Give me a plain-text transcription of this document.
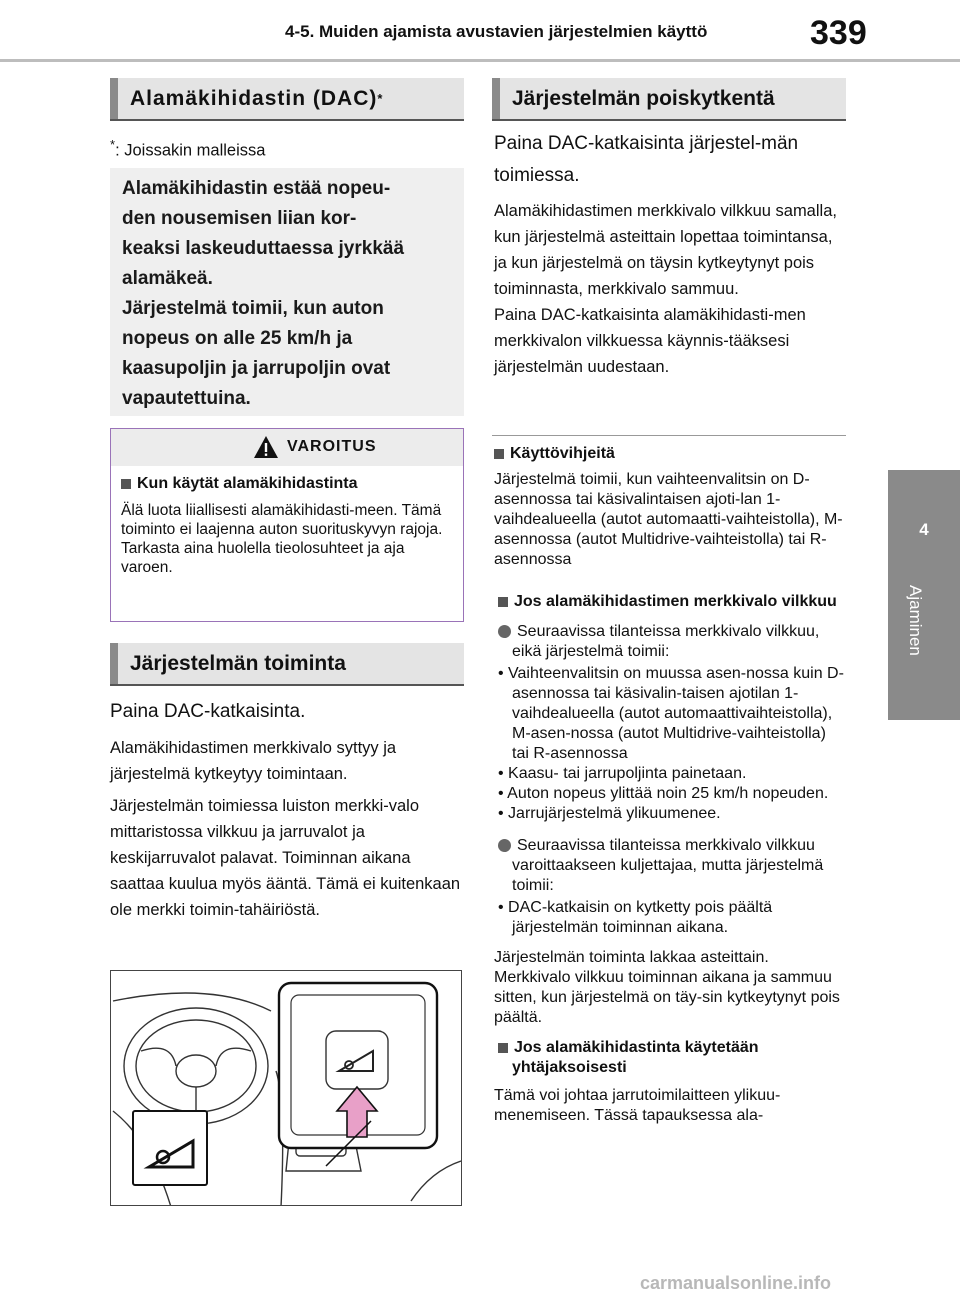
4-5. Muiden ajamista avustavien järjestelmien käyttö	339
4
Ajaminen
Alamäkihidastin (DAC) *
*: Joissakin malleissa

Alamäkihidastin estää nopeu-

den nousemisen liian kor-

keaksi laskeuduttaessa jyrkkää

alamäkeä.

Järjestelmä toimii, kun auton

nopeus on alle 25 km/h ja

kaasupoljin ja jarrupoljin ovat

vapautettuina.

VAROITUS
Kun käytät alamäkihidastinta
Älä luota liiallisesti alamäkihidasti-meen. Tämä toiminto ei laajenna auton suorituskyvyn rajoja. Tarkasta aina huolella tieolosuhteet ja aja varoen.
Järjestelmän toiminta
Paina DAC-katkaisinta.

Alamäkihidastimen merkkivalo syttyy ja järjestelmä kytkeytyy toimintaan.

Järjestelmän toimiessa luiston merkki-valo mittaristossa vilkkuu ja jarruvalot ja keskijarruvalot palavat. Toiminnan aikana saattaa kuulua myös ääntä. Tämä ei kuitenkaan ole merkki toimin-tahäiriöstä.

Järjestelmän poiskytkentä
Paina DAC-katkaisinta järjestel-män toimiessa.

Alamäkihidastimen merkkivalo vilkkuu samalla, kun järjestelmä asteittain lopettaa toimintansa, ja kun järjestelmä on täysin kytkeytynyt pois toiminnasta, merkkivalo sammuu.

Paina DAC-katkaisinta alamäkihidasti-men merkkivalon vilkkuessa käynnis-tääksesi järjestelmän uudestaan.

Käyttövihjeitä

Järjestelmä toimii, kun vaihteenvalitsin on D-asennossa tai käsivalintaisen ajoti-lan 1-vaihdealueella (autot automaatti-vaihteistolla), M-asennossa (autot Multidrive-vaihteistolla) tai R-asennossa

Jos alamäkihidastimen merkkivalo vilkkuu

Seuraavissa tilanteissa merkkivalo vilkkuu, eikä järjestelmä toimii:

• Vaihteenvalitsin on muussa asen-nossa kuin D-asennossa tai käsivalin-taisen ajotilan 1-vaihdealueella (autot automaattivaihteistolla), M-asen-nossa (autot Multidrive-vaihteistolla) tai R-asennossa

• Kaasu- tai jarrupoljinta painetaan.

• Auton nopeus ylittää noin 25 km/h nopeuden.

• Jarrujärjestelmä ylikuumenee.

Seuraavissa tilanteissa merkkivalo vilkkuu varoittaakseen kuljettajaa, mutta järjestelmä toimii:

• DAC-katkaisin on kytketty pois päältä järjestelmän toiminnan aikana.

Järjestelmän toiminta lakkaa asteittain. Merkkivalo vilkkuu toiminnan aikana ja sammuu sitten, kun järjestelmä on täy-sin kytkeytynyt pois päältä.

Jos alamäkihidastinta käytetään yhtäjaksoisesti

Tämä voi johtaa jarrutoimilaitteen ylikuu-menemiseen. Tässä tapauksessa ala-

carmanualsonline.info
